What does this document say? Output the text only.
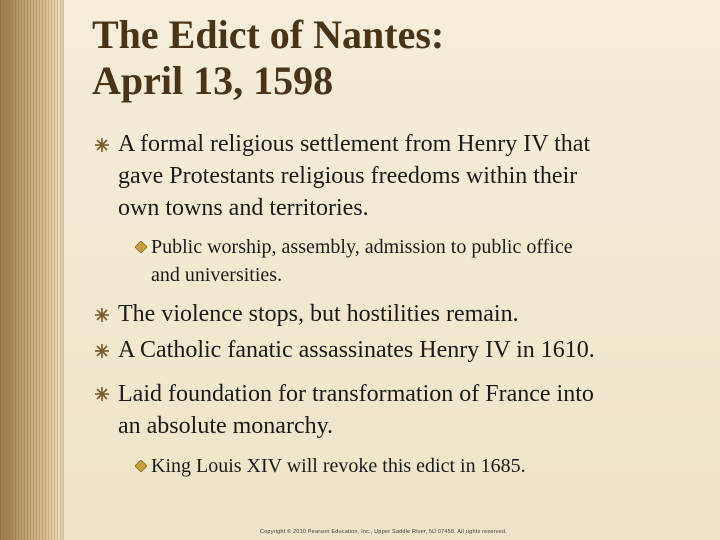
The Edict of Nantes:
April 13, 1598
A formal religious settlement from Henry IV that
gave Protestants religious freedoms within their
own towns and territories.
Public worship, assembly, admission to public office
and universities.
The violence stops, but hostilities remain.
A Catholic fanatic assassinates Henry IV in 1610.
Laid foundation for transformation of France into
an absolute monarchy.
King Louis XIV will revoke this edict in 1685.
Copyright © 2010 Pearson Education, Inc., Upper Saddle River, NJ 07458. All rights reserved.
